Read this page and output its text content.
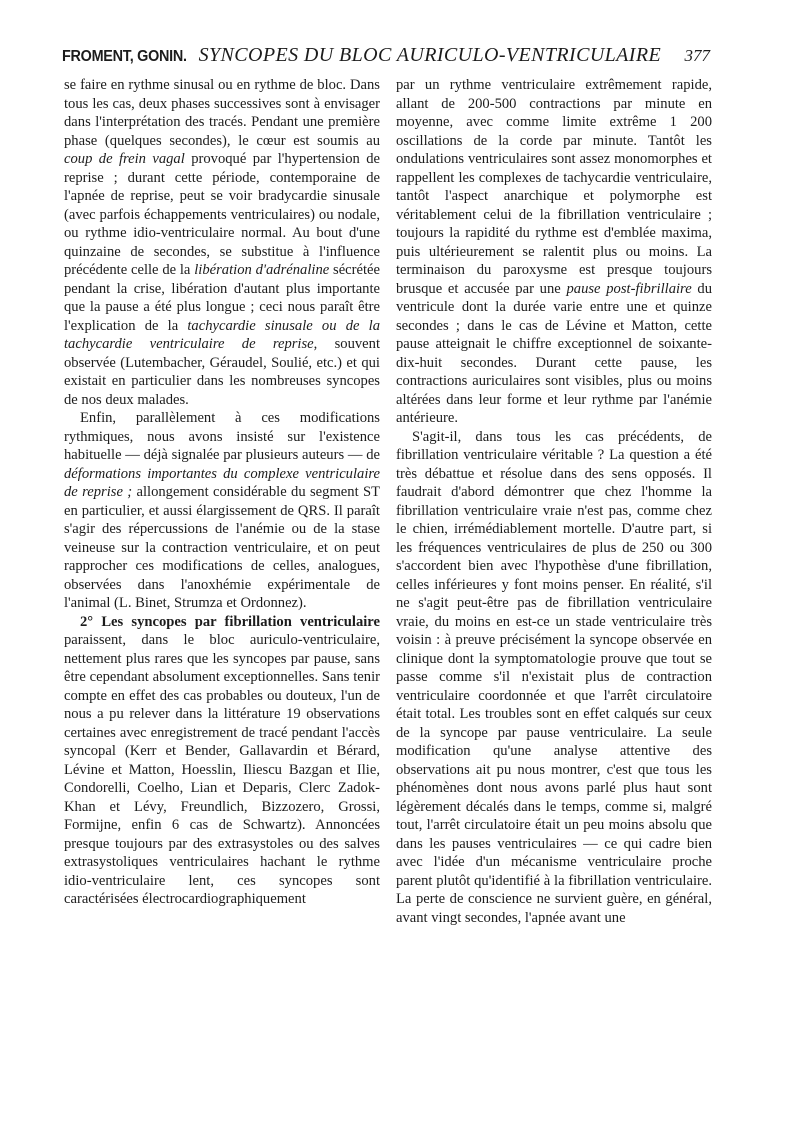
FROMENT, GONIN. SYNCOPES DU BLOC AURICULO-VENTRICULAIRE 377

se faire en rythme sinusal ou en rythme de bloc. Dans tous les cas, deux phases successives sont à envisager dans l'interprétation des tracés. Pendant une première phase (quelques secondes), le cœur est soumis au coup de frein vagal provoqué par l'hypertension de reprise ; durant cette période, contemporaine de l'apnée de reprise, peut se voir bradycardie sinusale (avec parfois échappements ventriculaires) ou nodale, ou rythme idio-ventriculaire normal. Au bout d'une quinzaine de secondes, se substitue à l'influence précédente celle de la libération d'adrénaline sécrétée pendant la crise, libération d'autant plus importante que la pause a été plus longue ; ceci nous paraît être l'explication de la tachycardie sinusale ou de la tachycardie ventriculaire de reprise, souvent observée (Lutembacher, Géraudel, Soulié, etc.) et qui existait en particulier dans les nombreuses syncopes de nos deux malades.

Enfin, parallèlement à ces modifications rythmiques, nous avons insisté sur l'existence habituelle — déjà signalée par plusieurs auteurs — de déformations importantes du complexe ventriculaire de reprise ; allongement considérable du segment ST en particulier, et aussi élargissement de QRS. Il paraît s'agir des répercussions de l'anémie ou de la stase veineuse sur la contraction ventriculaire, et on peut rapprocher ces modifications de celles, analogues, observées dans l'anoxhémie expérimentale de l'animal (L. Binet, Strumza et Ordonnez).

2° Les syncopes par fibrillation ventriculaire paraissent, dans le bloc auriculo-ventriculaire, nettement plus rares que les syncopes par pause, sans être cependant absolument exceptionnelles. Sans tenir compte en effet des cas probables ou douteux, l'un de nous a pu relever dans la littérature 19 observations certaines avec enregistrement de tracé pendant l'accès syncopal (Kerr et Bender, Gallavardin et Bérard, Lévine et Matton, Hoesslin, Iliescu Bazgan et Ilie, Condorelli, Coelho, Lian et Deparis, Clerc Zadok-Khan et Lévy, Freundlich, Bizzozero, Grossi, Formijne, enfin 6 cas de Schwartz). Annoncées presque toujours par des extrasystoles ou des salves extrasystoliques ventriculaires hachant le rythme idio-ventriculaire lent, ces syncopes sont caractérisées électrocardiographiquement

par un rythme ventriculaire extrêmement rapide, allant de 200-500 contractions par minute en moyenne, avec comme limite extrême 1 200 oscillations de la corde par minute. Tantôt les ondulations ventriculaires sont assez monomorphes et rappellent les complexes de tachycardie ventriculaire, tantôt l'aspect anarchique et polymorphe est véritablement celui de la fibrillation ventriculaire ; toujours la rapidité du rythme est d'emblée maxima, puis ultérieurement se ralentit plus ou moins. La terminaison du paroxysme est presque toujours brusque et accusée par une pause post-fibrillaire du ventricule dont la durée varie entre une et quinze secondes ; dans le cas de Lévine et Matton, cette pause atteignait le chiffre exceptionnel de soixante-dix-huit secondes. Durant cette pause, les contractions auriculaires sont visibles, plus ou moins altérées dans leur forme et leur rythme par l'anémie antérieure.

S'agit-il, dans tous les cas précédents, de fibrillation ventriculaire véritable ? La question a été très débattue et résolue dans des sens opposés. Il faudrait d'abord démontrer que chez l'homme la fibrillation ventriculaire vraie n'est pas, comme chez le chien, irrémédiablement mortelle. D'autre part, si les fréquences ventriculaires de plus de 250 ou 300 s'accordent bien avec l'hypothèse d'une fibrillation, celles inférieures y font moins penser. En réalité, s'il ne s'agit peut-être pas de fibrillation ventriculaire vraie, du moins en est-ce un stade ventriculaire très voisin : à preuve précisément la syncope observée en clinique dont la symptomatologie prouve que tout se passe comme s'il n'existait plus de contraction ventriculaire coordonnée et que l'arrêt circulatoire était total. Les troubles sont en effet calqués sur ceux de la syncope par pause ventriculaire. La seule modification qu'une analyse attentive des observations ait pu nous montrer, c'est que tous les phénomènes dont nous avons parlé plus haut sont légèrement décalés dans le temps, comme si, malgré tout, l'arrêt circulatoire était un peu moins absolu que dans les pauses ventriculaires — ce qui cadre bien avec l'idée d'un mécanisme ventriculaire proche parent plutôt qu'identifié à la fibrillation ventriculaire. La perte de conscience ne survient guère, en général, avant vingt secondes, l'apnée avant une
